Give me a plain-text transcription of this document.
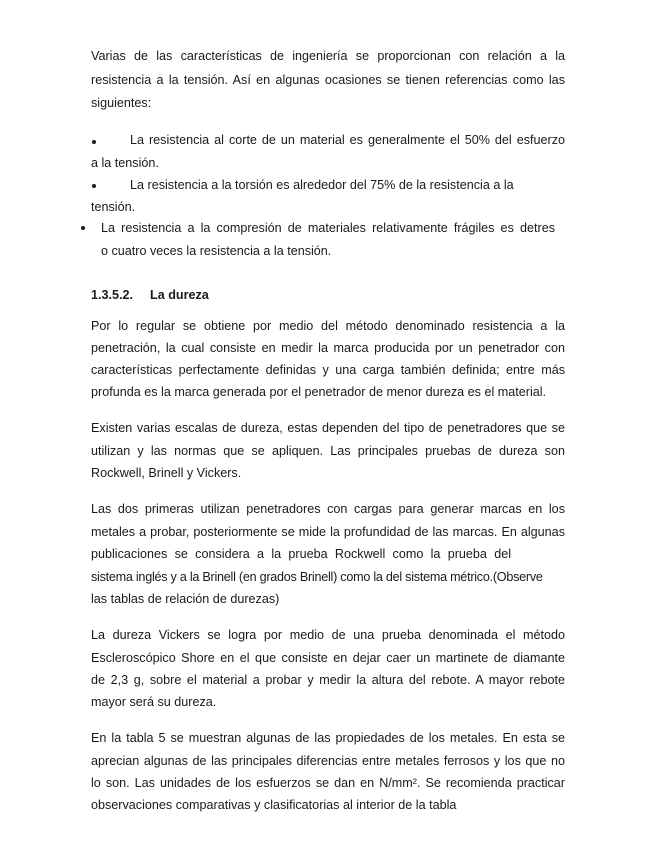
Varias de las características de ingeniería se proporcionan con relación a la
resistencia a la tensión. Así en algunas ocasiones se tienen referencias como las
siguientes:
La resistencia al corte de un material es generalmente el 50% del esfuerzo
a la tensión.
La resistencia a la torsión es alrededor del 75% de la resistencia a la
tensión.
La resistencia a la compresión de materiales relativamente frágiles es detres
o cuatro veces la resistencia a la tensión.
1.3.5.2. La dureza
Por lo regular se obtiene por medio del método denominado resistencia a la
penetración, la cual consiste en medir la marca producida por un penetrador con
características perfectamente definidas y una carga también definida; entre más
profunda es la marca generada por el penetrador de menor dureza es el material.
Existen varias escalas de dureza, estas dependen del tipo de penetradores que se
utilizan y las normas que se apliquen. Las principales pruebas de dureza son
Rockwell, Brinell y Vickers.
Las dos primeras utilizan penetradores con cargas para generar marcas en los
metales a probar, posteriormente se mide la profundidad de las marcas. En algunas
publicaciones se considera a la prueba Rockwell como la prueba del
sistema inglés y a la Brinell (en grados Brinell) como la del sistema métrico.(Observe
las tablas de relación de durezas)
La dureza Vickers se logra por medio de una prueba denominada el método
Escleroscópico Shore en el que consiste en dejar caer un martinete de diamante
de 2,3 g, sobre el material a probar y medir la altura del rebote. A mayor rebote
mayor será su dureza.
En la tabla 5 se muestran algunas de las propiedades de los metales. En esta se
aprecian algunas de las principales diferencias entre metales ferrosos y los que no
lo son. Las unidades de los esfuerzos se dan en N/mm². Se recomienda practicar
observaciones comparativas y clasificatorias al interior de la tabla
